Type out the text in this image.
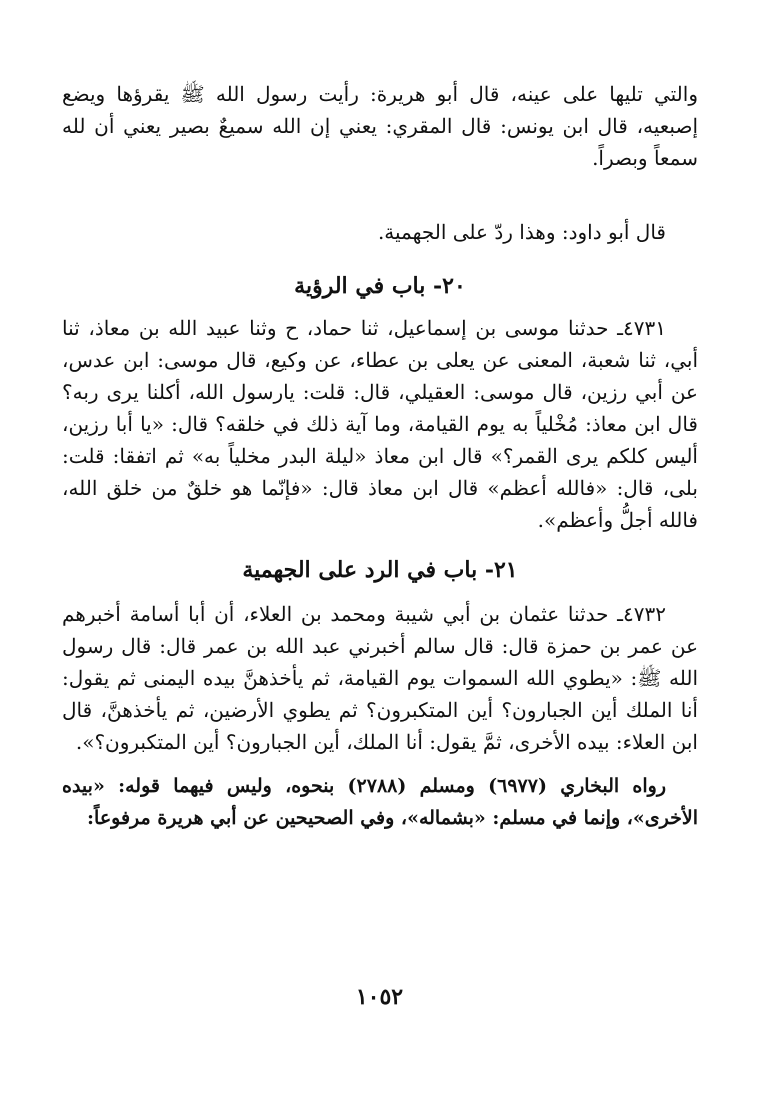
والتي تليها على عينه، قال أبو هريرة: رأيت رسول الله ﷺ يقرؤها ويضع إصبعيه، قال ابن يونس: قال المقري: يعني إن الله سميعٌ بصير يعني أن لله سمعاً وبصراً.

قال أبو داود: وهذا ردّ على الجهمية.

٢٠- باب في الرؤية

٤٧٣١ـ حدثنا موسى بن إسماعيل، ثنا حماد، ح وثنا عبيد الله بن معاذ، ثنا أبي، ثنا شعبة، المعنى عن يعلى بن عطاء، عن وكيع، قال موسى: ابن عدس، عن أبي رزين، قال موسى: العقيلي، قال: قلت: يارسول الله، أكلنا يرى ربه؟ قال ابن معاذ: مُخْلياً به يوم القيامة، وما آية ذلك في خلقه؟ قال: «يا أبا رزين، أليس كلكم يرى القمر؟» قال ابن معاذ «ليلة البدر مخلياً به» ثم اتفقا: قلت: بلى، قال: «فالله أعظم» قال ابن معاذ قال: «فإنّما هو خلقٌ من خلق الله، فالله أجلُّ وأعظم».

٢١- باب في الرد على الجهمية

٤٧٣٢ـ حدثنا عثمان بن أبي شيبة ومحمد بن العلاء، أن أبا أسامة أخبرهم عن عمر بن حمزة قال: قال سالم أخبرني عبد الله بن عمر قال: قال رسول الله ﷺ: «يطوي الله السموات يوم القيامة، ثم يأخذهنَّ بيده اليمنى ثم يقول: أنا الملك أين الجبارون؟ أين المتكبرون؟ ثم يطوي الأرضين، ثم يأخذهنَّ، قال ابن العلاء: بيده الأخرى، ثمَّ يقول: أنا الملك، أين الجبارون؟ أين المتكبرون؟».

رواه البخاري (٦٩٧٧) ومسلم (٢٧٨٨) بنحوه، وليس فيهما قوله: «بيده الأخرى»، وإنما في مسلم: «بشماله»، وفي الصحيحين عن أبي هريرة مرفوعاً:

١٠٥٢
